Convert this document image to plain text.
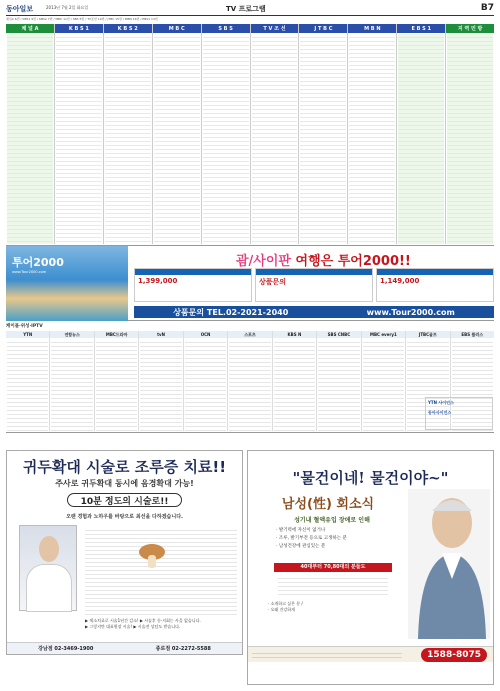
동아일보	2013년 7월 2일 화요일	TV 프로그램	B7
채널A 6번 / KBS1 9번 / KBS2 7번 / MBC 11번 / SBS 5번 / TV조선 19번 / JTBC 15번 / MBN 16번 / EBS1 13번
채 널 A	K B S 1	K B S 2	M B C	S B S	T V 조 선	J T B C	M B N	E B S 1	지 역 민 방
투어2000
www.Tour2000.com
괌/사이판 여행은 투어2000!!
1,399,000	상품문의	1,149,000
상품문의 TEL.02-2021-2040	www.Tour2000.com
케이블·위성·IPTV
YTN	연합뉴스	MBC드라마	tvN	OCN	스포츠	KBS N	SBS CNBC	MBC every1	JTBC골프	EBS 플러스
YTN 사이언스
동아사이언스
귀두확대 시술로 조루증 치료!!
주사로 귀두확대 동시에 음경확대 가능!
10분 정도의 시술로!!
오랜 경험과 노하우를 바탕으로 최선을 다하겠습니다.
▶ 색소치료로 시술1년간 감소! ▶ 시술후 등·지회는 사을 없습니다.
▶ 그렇지만 대표원장 시술! ▶ 시술전 상담도 받습니다.
강남점 02-3469-1900	종로점 02-2272-5588
"물건이네! 물건이야~"
남성(性) 회소식
성기내 혈액유입 장애로 인해
· 발기력에 자신이 없거나
· 조루, 발기부전 등으로 고생하는 분
· 남성건강에 관심있는 분
40대부터 70,80대의 분들도
· 소개하고 싶은 분 /
· 오래 건강하게
1588-8075
